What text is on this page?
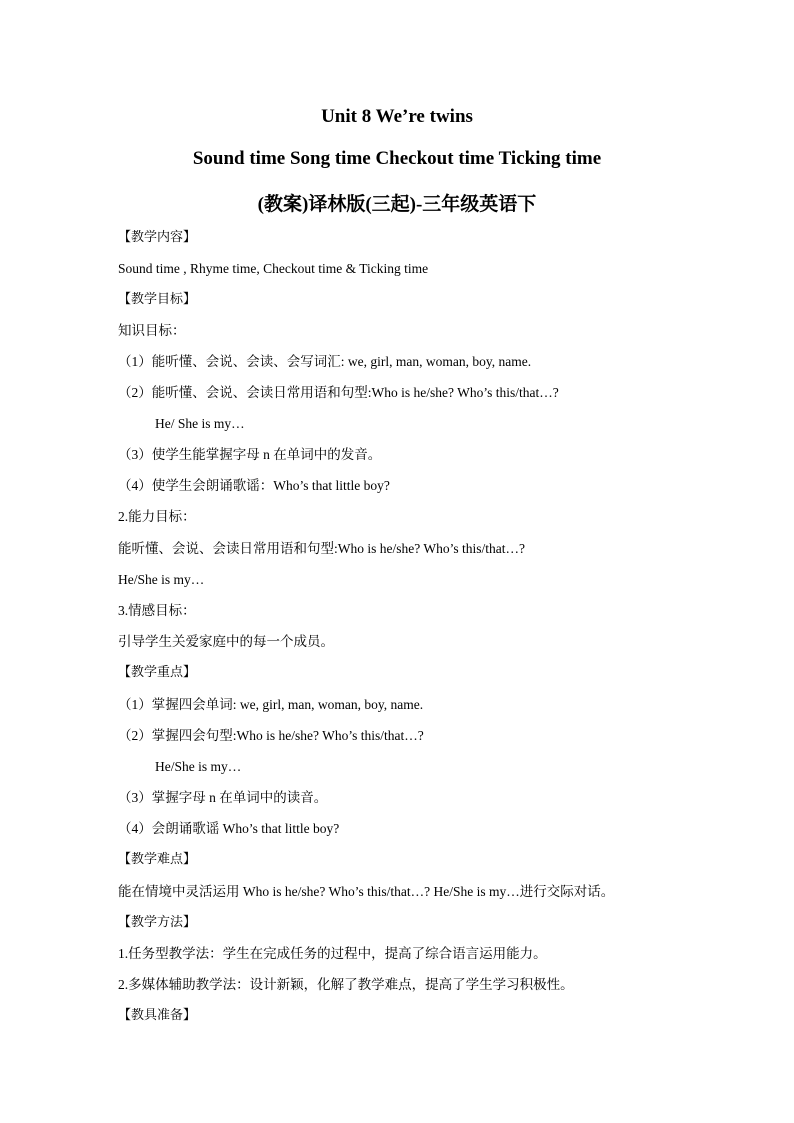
Unit 8 We’re twins
Sound time Song time Checkout time Ticking time
(教案)译林版(三起)-三年级英语下
【教学内容】
Sound time , Rhyme time, Checkout time & Ticking time
【教学目标】
知识目标：
（1）能听懂、会说、会读、会写词汇: we, girl, man, woman, boy, name.
（2）能听懂、会说、会读日常用语和句型:Who is he/she? Who’s this/that…?
He/ She is my…
（3）使学生能掌握字母 n 在单词中的发音。
（4）使学生会朗诵歌谣：Who’s that little boy?
2.能力目标：
能听懂、会说、会读日常用语和句型:Who is he/she? Who’s this/that…?
He/She is my…
3.情感目标：
引导学生关爱家庭中的每一个成员。
【教学重点】
（1）掌握四会单词: we, girl, man, woman, boy, name.
（2）掌握四会句型:Who is he/she? Who’s this/that…?
He/She is my…
（3）掌握字母 n 在单词中的读音。
（4）会朗诵歌谣 Who’s that little boy?
【教学难点】
能在情境中灵活运用 Who is he/she? Who’s this/that…? He/She is my…进行交际对话。
【教学方法】
1.任务型教学法：学生在完成任务的过程中，提高了综合语言运用能力。
2.多媒体辅助教学法：设计新颖，化解了教学难点，提高了学生学习积极性。
【教具准备】
